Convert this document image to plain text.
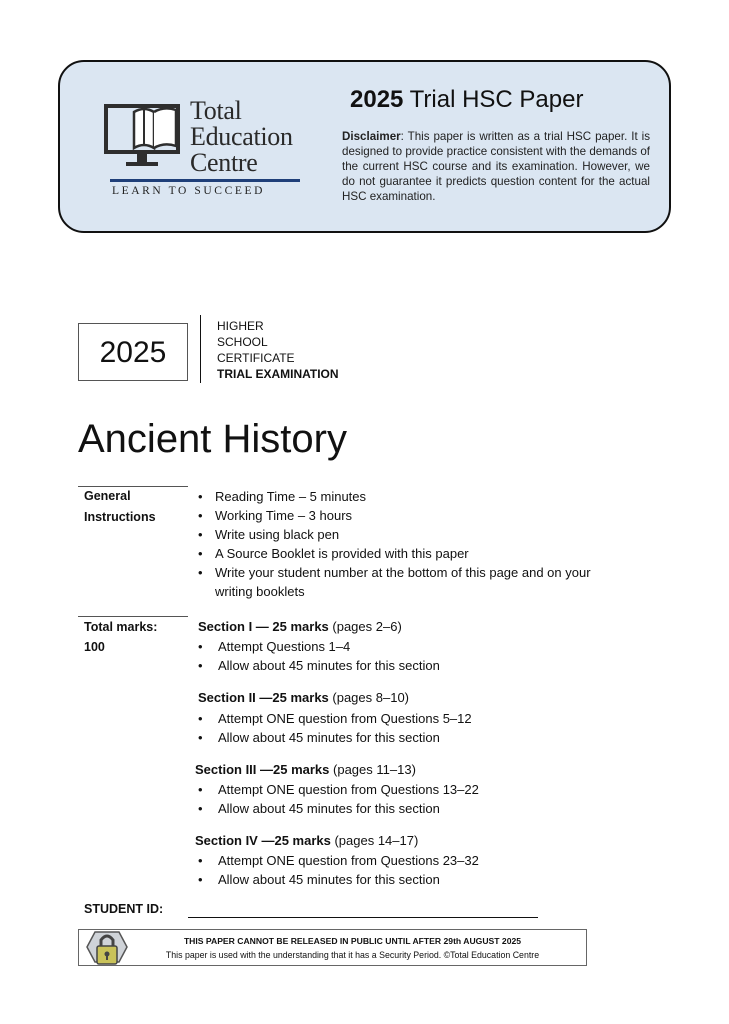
Total Education Centre
LEARN TO SUCCEED
2025 Trial HSC Paper
Disclaimer: This paper is written as a trial HSC paper. It is designed to provide practice consistent with the demands of the current HSC course and its examination. However, we do not guarantee it predicts question content for the actual HSC examination.
2025
HIGHER
SCHOOL
CERTIFICATE
TRIAL EXAMINATION
Ancient History
General
Instructions
• Reading Time – 5 minutes
• Working Time – 3 hours
• Write using black pen
• A Source Booklet is provided with this paper
• Write your student number at the bottom of this page and on your writing booklets
Total marks:
100
Section I — 25 marks (pages 2–6)
• Attempt Questions 1–4
• Allow about 45 minutes for this section
Section II —25 marks (pages 8–10)
• Attempt ONE question from Questions 5–12
• Allow about 45 minutes for this section
Section III —25 marks (pages 11–13)
• Attempt ONE question from Questions 13–22
• Allow about 45 minutes for this section
Section IV —25 marks (pages 14–17)
• Attempt ONE question from Questions 23–32
• Allow about 45 minutes for this section
STUDENT ID:
THIS PAPER CANNOT BE RELEASED IN PUBLIC UNTIL AFTER 29th AUGUST 2025
This paper is used with the understanding that it has a Security Period. ©Total Education Centre
